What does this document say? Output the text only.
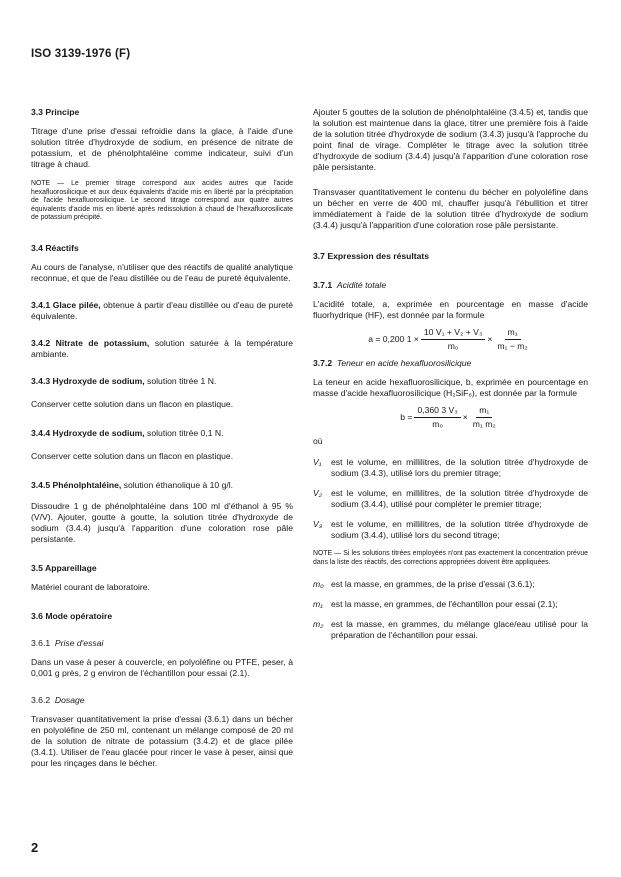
ISO 3139-1976 (F)

3.3 Principe

Titrage d'une prise d'essai refroidie dans la glace, à l'aide d'une solution titrée d'hydroxyde de sodium, en présence de nitrate de potassium, et de phénolphtaléine comme indicateur, suivi d'un titrage à chaud.

NOTE — Le premier titrage correspond aux acides autres que l'acide hexafluorosilicique et aux deux équivalents d'acide mis en liberté par la précipitation de l'acide hexafluorosilicique. Le second titrage correspond aux quatre autres équivalents d'acide mis en liberté après redissolution à chaud de l'hexafluorosilicate de potassium précipité.

3.4 Réactifs

Au cours de l'analyse, n'utiliser que des réactifs de qualité analytique reconnue, et que de l'eau distillée ou de l'eau de pureté équivalente.

3.4.1 Glace pilée, obtenue à partir d'eau distillée ou d'eau de pureté équivalente.

3.4.2 Nitrate de potassium, solution saturée à la température ambiante.

3.4.3 Hydroxyde de sodium, solution titrée 1 N.

Conserver cette solution dans un flacon en plastique.

3.4.4 Hydroxyde de sodium, solution titrée 0,1 N.

Conserver cette solution dans un flacon en plastique.

3.4.5 Phénolphtaléine, solution éthanolique à 10 g/l.

Dissoudre 1 g de phénolphtaléine dans 100 ml d'éthanol à 95 % (V/V). Ajouter, goutte à goutte, la solution titrée d'hydroxyde de sodium (3.4.4) jusqu'à l'apparition d'une coloration rose pâle persistante.

3.5 Appareillage

Matériel courant de laboratoire.

3.6 Mode opératoire

3.6.1 Prise d'essai

Dans un vase à peser à couvercle, en polyoléfine ou PTFE, peser, à 0,001 g près, 2 g environ de l'échantillon pour essai (2.1).

3.6.2 Dosage

Transvaser quantitativement la prise d'essai (3.6.1) dans un bécher en polyoléfine de 250 ml, contenant un mélange composé de 20 ml de la solution de nitrate de potassium (3.4.2) et de glace pilée (3.4.1). Utiliser de l'eau glacée pour rincer le vase à peser, ainsi que pour les rinçages dans le bécher.

Ajouter 5 gouttes de la solution de phénolphtaléine (3.4.5) et, tandis que la solution est maintenue dans la glace, titrer une première fois à l'aide de la solution titrée d'hydroxyde de sodium (3.4.3) jusqu'à l'approche du point final de virage. Compléter le titrage avec la solution titrée d'hydroxyde de sodium (3.4.4) jusqu'à l'apparition d'une coloration rose pâle persistante.

Transvaser quantitativement le contenu du bécher en polyoléfine dans un bécher en verre de 400 ml, chauffer jusqu'à l'ébullition et titrer immédiatement à l'aide de la solution titrée d'hydroxyde de sodium (3.4.4) jusqu'à l'apparition d'une coloration rose pâle persistante.

3.7 Expression des résultats

3.7.1 Acidité totale

L'acidité totale, a, exprimée en pourcentage en masse d'acide fluorhydrique (HF), est donnée par la formule

a = 0,200 $1 \times \frac{\text{10 V₁ + V₂ + V₃}}{\text{m₀}} \times \frac{\text{m₁}}{\text{m₁ − m₂}}$

3.7.2 Teneur en acide hexafluorosilicique

La teneur en acide hexafluorosilicique, b, exprimée en pourcentage en masse d'acide hexafluorosilicique (H₂SiF₆), est donnée par la formule

$b = \frac{\text{0,360 3 V₃}}{\text{m₀}} \times \frac{\text{m₁}}{\text{m₁ m₂}}$

où

V₁	est le volume, en millilitres, de la solution titrée d'hydroxyde de sodium (3.4.3), utilisé lors du premier titrage;
V₂	est le volume, en millilitres, de la solution titrée d'hydroxyde de sodium (3.4.4), utilisé pour compléter le premier titrage;
V₃	est le volume, en millilitres, de la solution titrée d'hydroxyde de sodium (3.4.4), utilisé lors du second titrage;

NOTE — Si les solutions titrées employées n'ont pas exactement la concentration prévue dans la liste des réactifs, des corrections appropriées doivent être appliquées.

m₀ est la masse, en grammes, de la prise d'essai (3.6.1);
m₁ est la masse, en grammes, de l'échantillon pour essai (2.1);
m₂ est la masse, en grammes, du mélange glace/eau utilisé pour la préparation de l'échantillon pour essai.
2
